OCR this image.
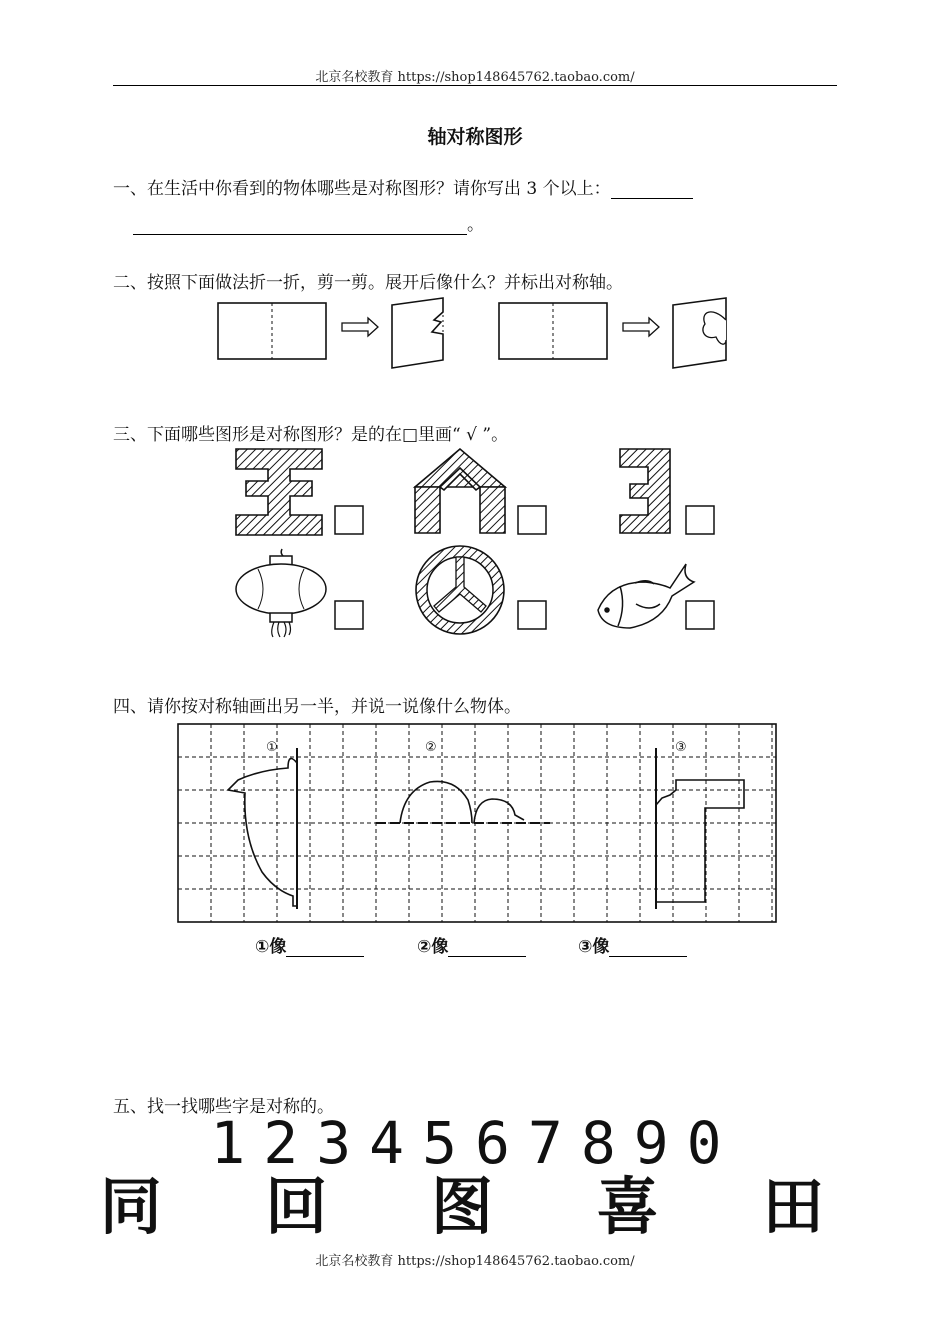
北京名校教育 https://shop148645762.taobao.com/
轴对称图形
一、在生活中你看到的物体哪些是对称图形？请你写出 3 个以上：
。
二、按照下面做法折一折，剪一剪。展开后像什么？并标出对称轴。
三、下面哪些图形是对称图形？是的在□里画“ √ ”。
四、请你按对称轴画出另一半，并说一说像什么物体。
五、找一找哪些字是对称的。
①	②	③
①像	②像	③像
1234567890
同 回 图 喜 田
北京名校教育 https://shop148645762.taobao.com/
